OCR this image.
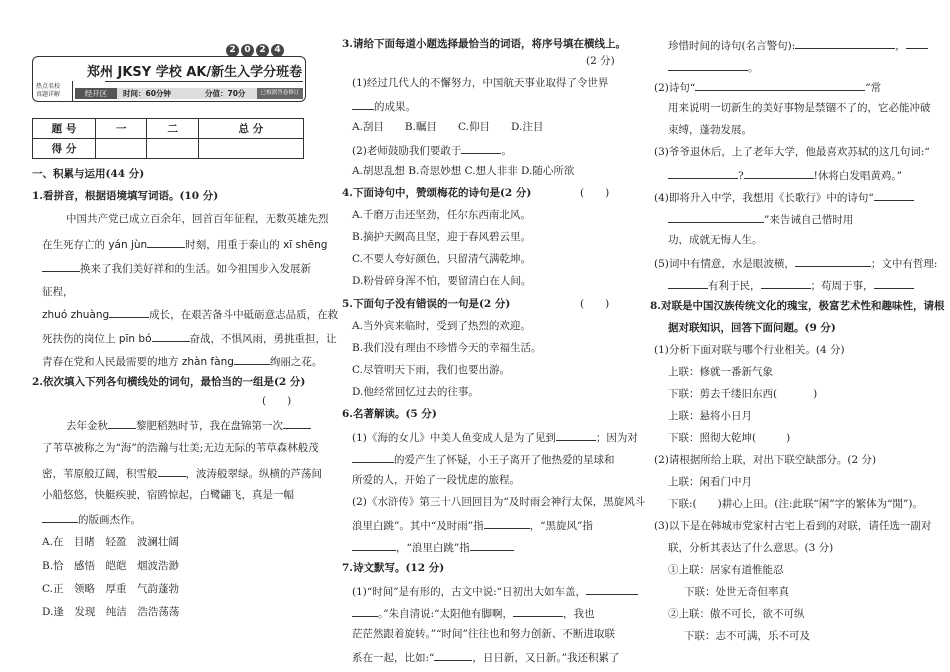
2 0 2 4
郑州 JKSY 学校 AK/新生入学分班卷
热点名校
真题详解	经开区	时间：60分钟	分值：70分	已根据答卷修订
题 号	一	二	总 分
得 分			
一、积累与运用(44 分)
1.看拼音，根据语境填写词语。(10 分)
中国共产党已成立百余年，回首百年征程，无数英雄先烈
在生死存亡的 yán jùn	时刻，用重于泰山的 xī shēng
换来了我们美好祥和的生活。如今祖国步入发展新
征程，
zhuó zhuàng	成长，在艰苦备斗中砥砺意志品质，在救
死扶伤的岗位上 pīn bó	奋战，不惧风雨，勇挑重担，让
青春在党和人民最需要的地方 zhàn fàng	绚丽之花。
2.依次填入下列各句横线处的词句，最恰当的一组是(2 分)
(　　)
去年金秋	黎肥稻熟时节，我在盘锦第一次
了苇草被称之为“海”的浩瀚与壮美;无边无际的苇草森林般茂
密，苇原般辽阔，积雪般	，波涛般翠绿。纵横的芦荡间
小船悠悠，快艇疾驶，宿鸥惊起，白鹭翩飞，真是一幅
的版画杰作。
A.在　目睹　轻盈　波澜壮阔
B.恰　感悟　皑皑　烟波浩渺
C.正　领略　厚重　气韵蓬勃
D.逢　发现　纯洁　浩浩荡荡
3.请给下面每道小题选择最恰当的词语，将序号填在横线上。
(2 分)
(1)经过几代人的不懈努力，中国航天事业取得了令世界
的成果。
A.刮目　　B.瞩目　　C.仰目　　D.注目
(2)老师鼓励我们要敢于	。
A.胡思乱想 B.奇思妙想 C.想人非非 D.随心所欲
4.下面诗句中，赞颂梅花的诗句是(2 分)	(　　)
A.千磨万击还坚劲，任尔东西南北风。
B.摘护天阙高且坚，迎于春风碧云里。
C.不要人夸好颜色，只留清气满乾坤。
D.粉骨碎身浑不怕，要留清白在人间。
5.下面句子没有错误的一句是(2 分)	(　　)
A.当外宾来临时，受到了热烈的欢迎。
B.我们没有理由不珍惜今天的幸福生活。
C.尽管明天下雨，我们也要出游。
D.他经常回忆过去的往事。
6.名著解读。(5 分)
(1)《海的女儿》中美人鱼变成人是为了见到	；因为对
的爱产生了怀疑，小王子离开了他热爱的星球和
所爱的人，开始了一段忧虑的旅程。
(2)《水浒传》第三十八回回目为“及时雨会神行太保，黑旋风斗
浪里白跳”。其中“及时雨”指	，“黑旋风”指
，“浪里白跳”指
7.诗文默写。(12 分)
(1)“时间”是有形的，古文中说:“日初出大如车盖，
。”朱自清说:“太阳他有脚啊，	，我也
茫茫然跟着旋转。”“时间”往往也和努力创新、不断进取联
系在一起，比如:“	，日日新，又日新。”我还积累了
珍惜时间的诗句(名言警句):	，
。
(2)诗句“	”常
用来说明一切新生的美好事物是禁锢不了的，它必能冲破
束缚，蓬勃发展。
(3)爷爷退休后，上了老年大学，他最喜欢苏轼的这几句词:“
?	!休将白发唱黄鸡。”
(4)即将升入中学，我想用《长歌行》中的诗句“
”来告诫自己惜时用
功，成就无悔人生。
(5)词中有情意，水是眼波横，	；文中有哲理:
有利于民，	；苟周于事，
8.对联是中国汉族传统文化的瑰宝，极富艺术性和趣味性，请根
据对联知识，回答下面问题。(9 分)
(1)分析下面对联与哪个行业相关。(4 分)
上联：修就一番新气象
下联：剪去千缕旧东西(	)
上联：悬将小日月
下联：照彻大乾坤(	)
(2)请根据所给上联，对出下联空缺部分。(2 分)
上联：闲看门中月
下联:(　　)耕心上田。(注:此联“闲”字的繁体为“閒”)。
(3)以下是在韩城市党家村古宅上看到的对联，请任选一副对
联，分析其表达了什么意思。(3 分)
①上联：居家有道惟能忍
下联：处世无奇但率真
②上联：傲不可长，欲不可纵
下联：志不可满，乐不可及
